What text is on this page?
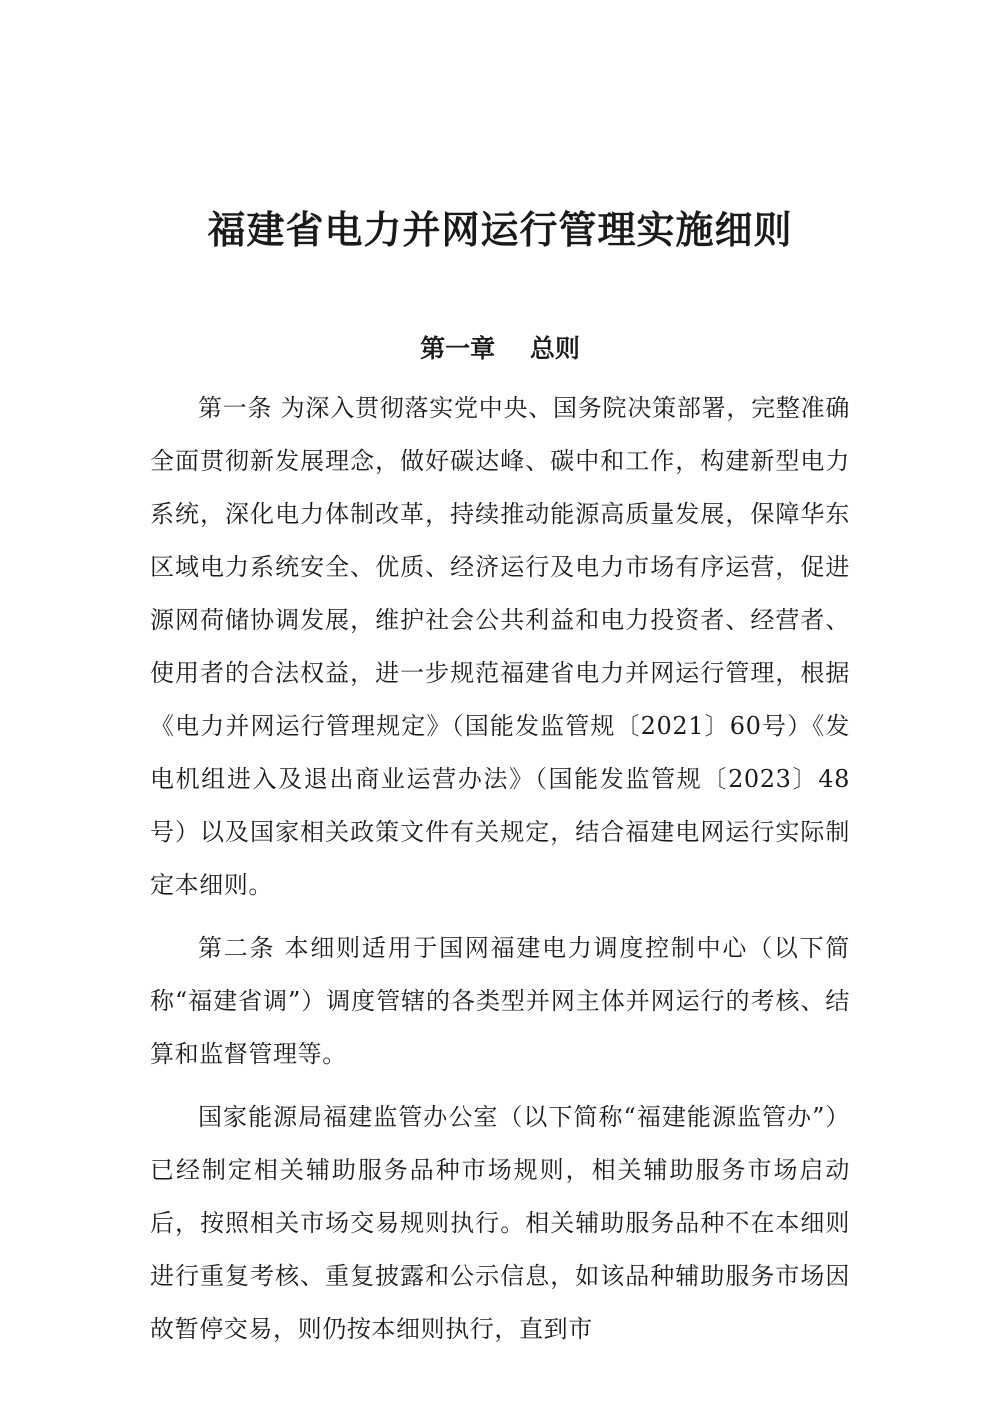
福建省电力并网运行管理实施细则
第一章    总则

第一条 为深入贯彻落实党中央、国务院决策部署，完整准确全面贯彻新发展理念，做好碳达峰、碳中和工作，构建新型电力系统，深化电力体制改革，持续推动能源高质量发展，保障华东区域电力系统安全、优质、经济运行及电力市场有序运营，促进源网荷储协调发展，维护社会公共利益和电力投资者、经营者、使用者的合法权益，进一步规范福建省电力并网运行管理，根据《电力并网运行管理规定》（国能发监管规〔2021〕60号）《发电机组进入及退出商业运营办法》（国能发监管规〔2023〕48号）以及国家相关政策文件有关规定，结合福建电网运行实际制定本细则。

第二条 本细则适用于国网福建电力调度控制中心（以下简称“福建省调”）调度管辖的各类型并网主体并网运行的考核、结算和监督管理等。

国家能源局福建监管办公室（以下简称“福建能源监管办”）已经制定相关辅助服务品种市场规则，相关辅助服务市场启动后，按照相关市场交易规则执行。相关辅助服务品种不在本细则进行重复考核、重复披露和公示信息，如该品种辅助服务市场因故暂停交易，则仍按本细则执行，直到市
